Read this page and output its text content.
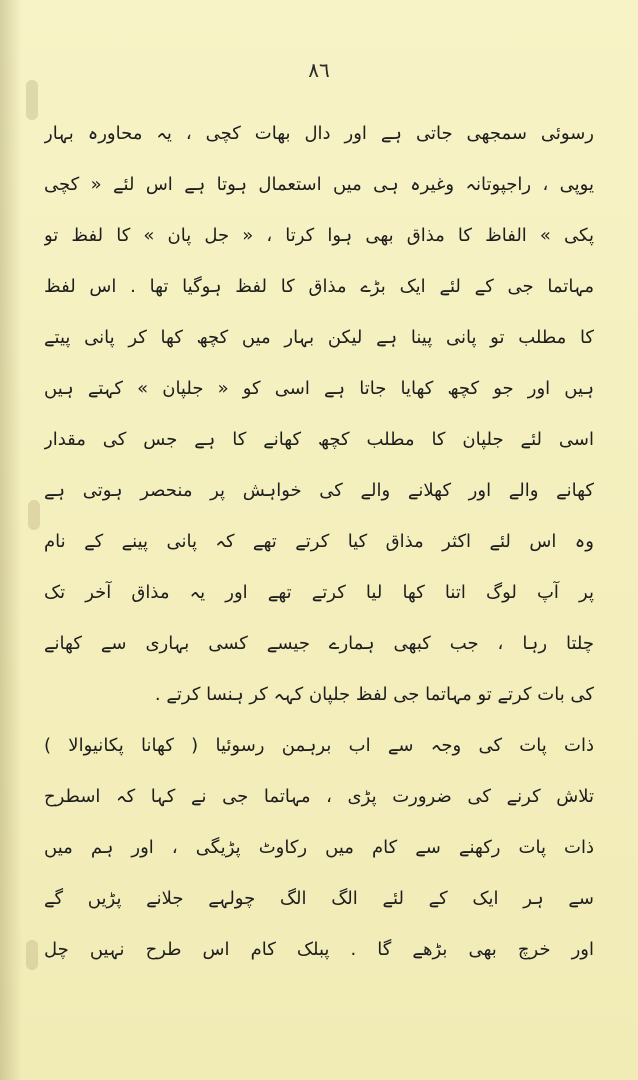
٨٦
رسوئی سمجھی جاتی ہے اور دال بھات کچی ، یہ محاورہ بہار
یوپی ، راجپوتانہ وغیرہ ہی میں استعمال ہوتا ہے اس لئے « کچی
پکی » الفاظ کا مذاق بھی ہوا کرتا ، « جل پان » کا لفظ تو
مہاتما جی کے لئے ایک بڑے مذاق کا لفظ ہوگیا تھا . اس لفظ
کا مطلب تو پانی پینا ہے لیکن بہار میں کچھ کھا کر پانی پیتے
ہیں اور جو کچھ کھایا جاتا ہے اسی کو « جلپان » کہتے ہیں
اسی لئے جلپان کا مطلب کچھ کھانے کا ہے جس کی مقدار
کھانے والے اور کھلانے والے کی خواہش پر منحصر ہوتی ہے
وہ اس لئے اکثر مذاق کیا کرتے تھے کہ پانی پینے کے نام
پر آپ لوگ اتنا کھا لیا کرتے تھے اور یہ مذاق آخر تک
چلتا رہا ، جب کبھی ہمارے جیسے کسی بہاری سے کھانے
کی بات کرتے تو مہاتما جی لفظ جلپان کہہ کر ہنسا کرتے .
ذات پات کی وجہ سے اب برہمن رسوئیا ( کھانا پکانیوالا )
تلاش کرنے کی ضرورت پڑی ، مہاتما جی نے کہا کہ اسطرح
ذات پات رکھنے سے کام میں رکاوٹ پڑیگی ، اور ہم میں
سے ہر ایک کے لئے الگ الگ چولہے جلانے پڑیں گے
اور خرچ بھی بڑھے گا . پبلک کام اس طرح نہیں چل
